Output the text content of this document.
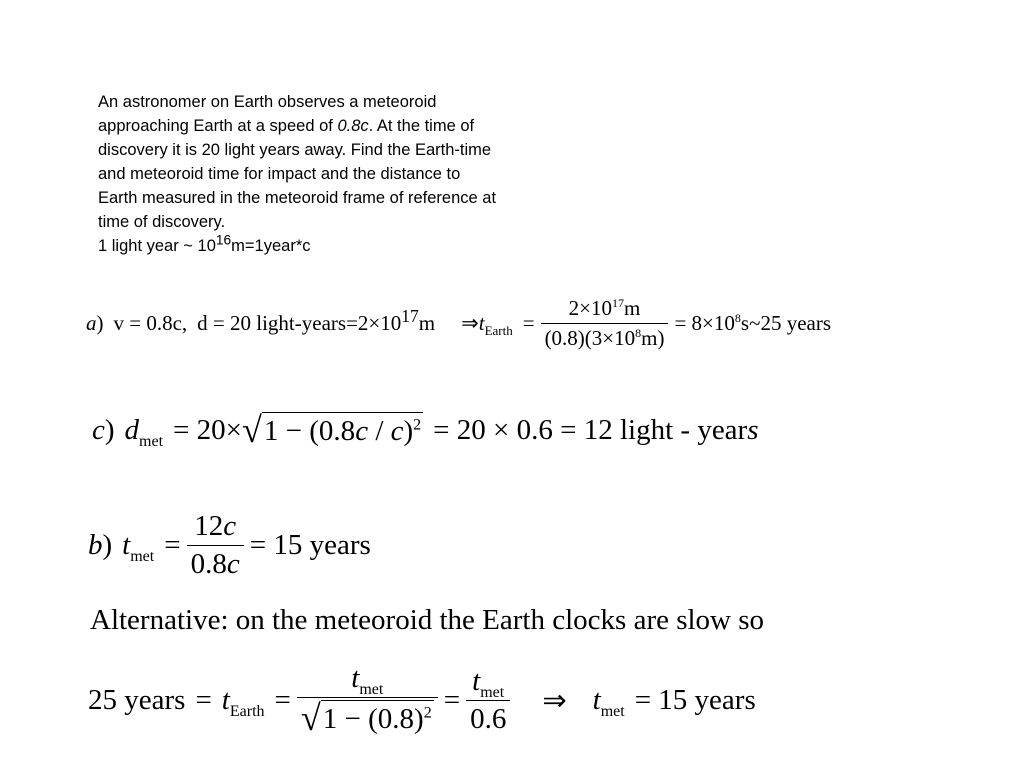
An astronomer on Earth observes a meteoroid approaching Earth at a speed of 0.8c. At the time of discovery it is 20 light years away. Find the Earth-time and meteoroid time for impact and the distance to Earth measured in the meteoroid frame of reference at time of discovery.

1 light year ~ $10^{16}m=1year*c$

a) v = 0.8c, d = 20 light-$years=2\times 10^{17}m$ ⇒ $t_{Earth} = \frac{2\times 10^{17}m}{(0.8)(3\times 10^8m)}$ = $8\times 10^8s\sim 25$ years
c) $d_{met} = 20\times$ √ 1 − (0.8c / c)$^2$ = 20 × 0.6 = 12 light - years
b) $t_{met} = \frac{12c}{0.8c} = 15$ years
Alternative: on the meteoroid the Earth clocks are slow so
25 years = $t_{Earth} = \frac{t_{met}}{√ 1 - (0.8)^2} = \frac{t_{met}}{0.6}$ ⇒ $t_{met} = 15$ years
